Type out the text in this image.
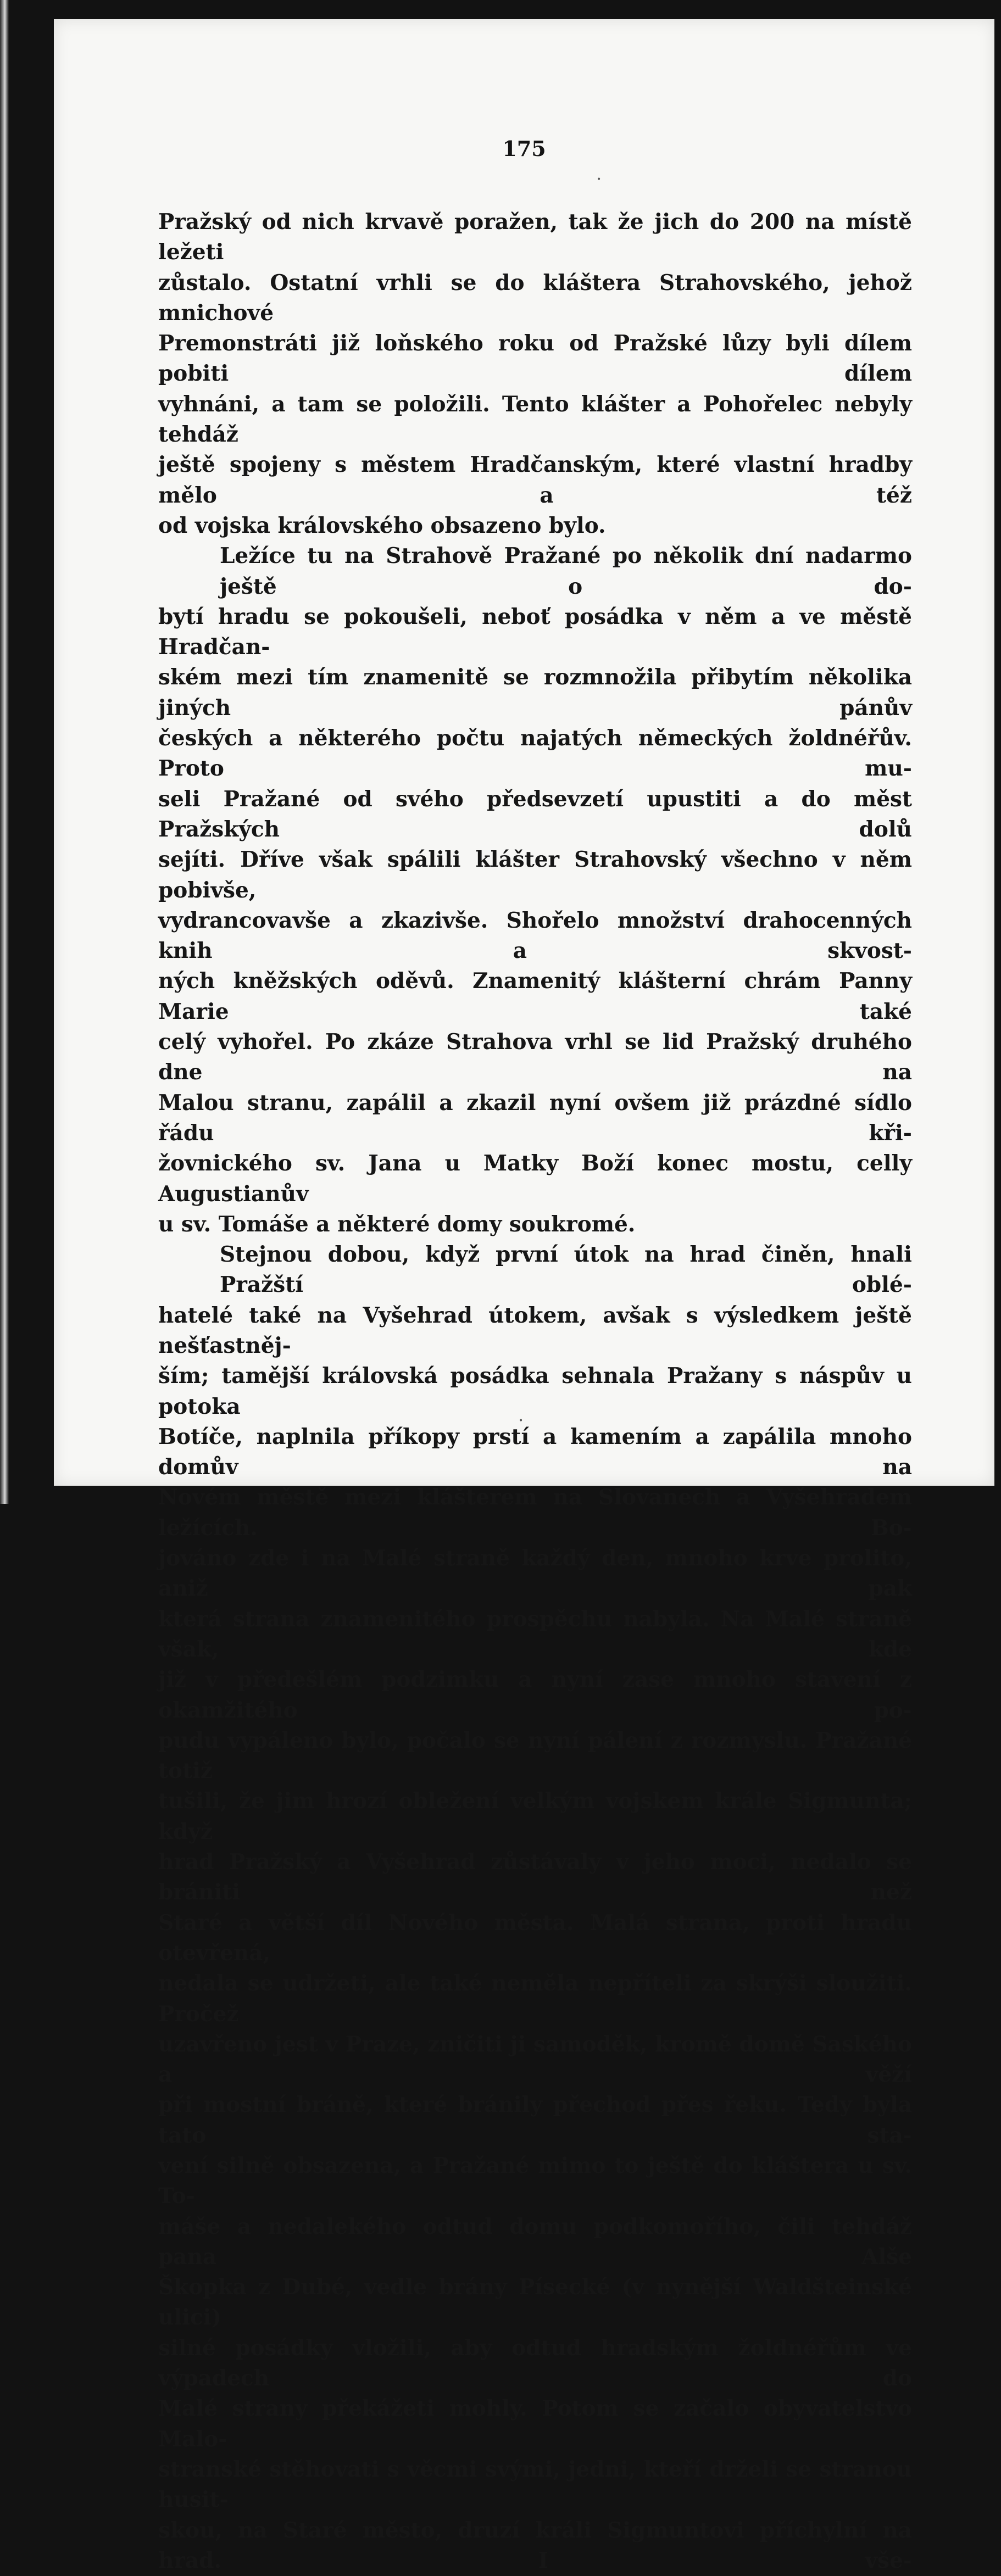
175

Pražský od nich krvavě poražen, tak že jich do 200 na místě ležeti
zůstalo. Ostatní vrhli se do kláštera Strahovského, jehož mnichové
Premonstráti již loňského roku od Pražské lůzy byli dílem pobiti dílem
vyhnáni, a tam se položili. Tento klášter a Pohořelec nebyly tehdáž
ještě spojeny s městem Hradčanským, které vlastní hradby mělo a též
od vojska královského obsazeno bylo.
Ležíce tu na Strahově Pražané po několik dní nadarmo ještě o do-
bytí hradu se pokoušeli, neboť posádka v něm a ve městě Hradčan-
ském mezi tím znamenitě se rozmnožila přibytím několika jiných pánův
českých a některého počtu najatých německých žoldnéřův. Proto mu-
seli Pražané od svého předsevzetí upustiti a do měst Pražských dolů
sejíti. Dříve však spálili klášter Strahovský všechno v něm pobivše,
vydrancovavše a zkazivše. Shořelo množství drahocenných knih a skvost-
ných kněžských oděvů. Znamenitý klášterní chrám Panny Marie také
celý vyhořel. Po zkáze Strahova vrhl se lid Pražský druhého dne na
Malou stranu, zapálil a zkazil nyní ovšem již prázdné sídlo řádu kři-
žovnického sv. Jana u Matky Boží konec mostu, celly Augustianův
u sv. Tomáše a některé domy soukromé.
Stejnou dobou, když první útok na hrad činěn, hnali Pražští oblé-
hatelé také na Vyšehrad útokem, avšak s výsledkem ještě nešťastněj-
ším; tamější královská posádka sehnala Pražany s náspův u potoka
Botíče, naplnila příkopy prstí a kamením a zapálila mnoho domův na
Novém městě mezi klášterem na Slovanech a Vyšehradem ležících. Bo-
jováno zde i na Malé straně každý den, mnoho krve prolito, aniž pak
která strana znamenitého prospěchu nabyla. Na Malé straně však, kde
již v předešlém podzimku a nyní zase mnoho stavení z okamžitého po-
pudu vypáleno bylo, počalo se nyní pálení z rozmyslu. Pražané totiž
tušili, že jim hrozí obležení velkým vojskem krále Sigmunta; když
hrad Pražský a Vyšehrad zůstávaly v jeho moci, nedalo se brániti než
Staré a větší díl Nového města. Malá strana, proti hradu otevřená,
nedala se udržeti, ale také neměla nepříteli za skrýši sloužiti. Pročež
uzavřeno jest v Praze, zničiti ji samoděk, kromě domě Saského a věží
při mostní bráně, které bránily přechod přes řeku. Tedy byla tato sta-
vení silně obsazena, a Pražané mimo to ještě do kláštera u sv. To-
máše a nedalekého odtud domu podkomořího, čili tehdáž pana Alše
Škopka z Dubé, vedle brány Písecké (v nynější Waldšteinské ulici)
silné posádky vložili, aby odtud hradským žoldnéřům ve výpadech do
Malé strany překážeti mohly. Potom se začalo obyvatelstvo Malo-
stranské stěhovati s věcmi svými, jedni, kteří drželi se stranou husit-
skou, na Staré město, druzí králi Sigmuntovi příchylní na hrad. I vše-
•
•
